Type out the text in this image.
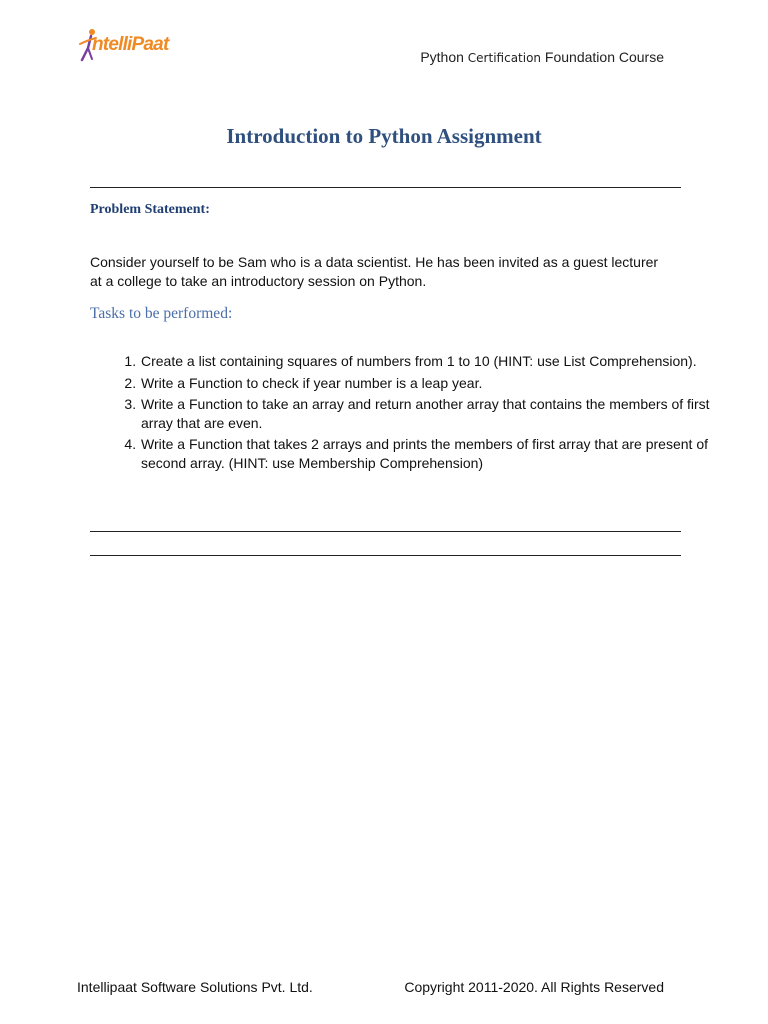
ntelliPaat
Python Certification Foundation Course
Introduction to Python Assignment
Problem Statement:
Consider yourself to be Sam who is a data scientist. He has been invited as a guest lecturer at a college to take an introductory session on Python.
Tasks to be performed:
1. Create a list containing squares of numbers from 1 to 10 (HINT: use List Comprehension).
2. Write a Function to check if year number is a leap year.
3. Write a Function to take an array and return another array that contains the members of first array that are even.
4. Write a Function that takes 2 arrays and prints the members of first array that are present of second array. (HINT: use Membership Comprehension)
Intellipaat Software Solutions Pvt. Ltd.	Copyright 2011-2020. All Rights Reserved
